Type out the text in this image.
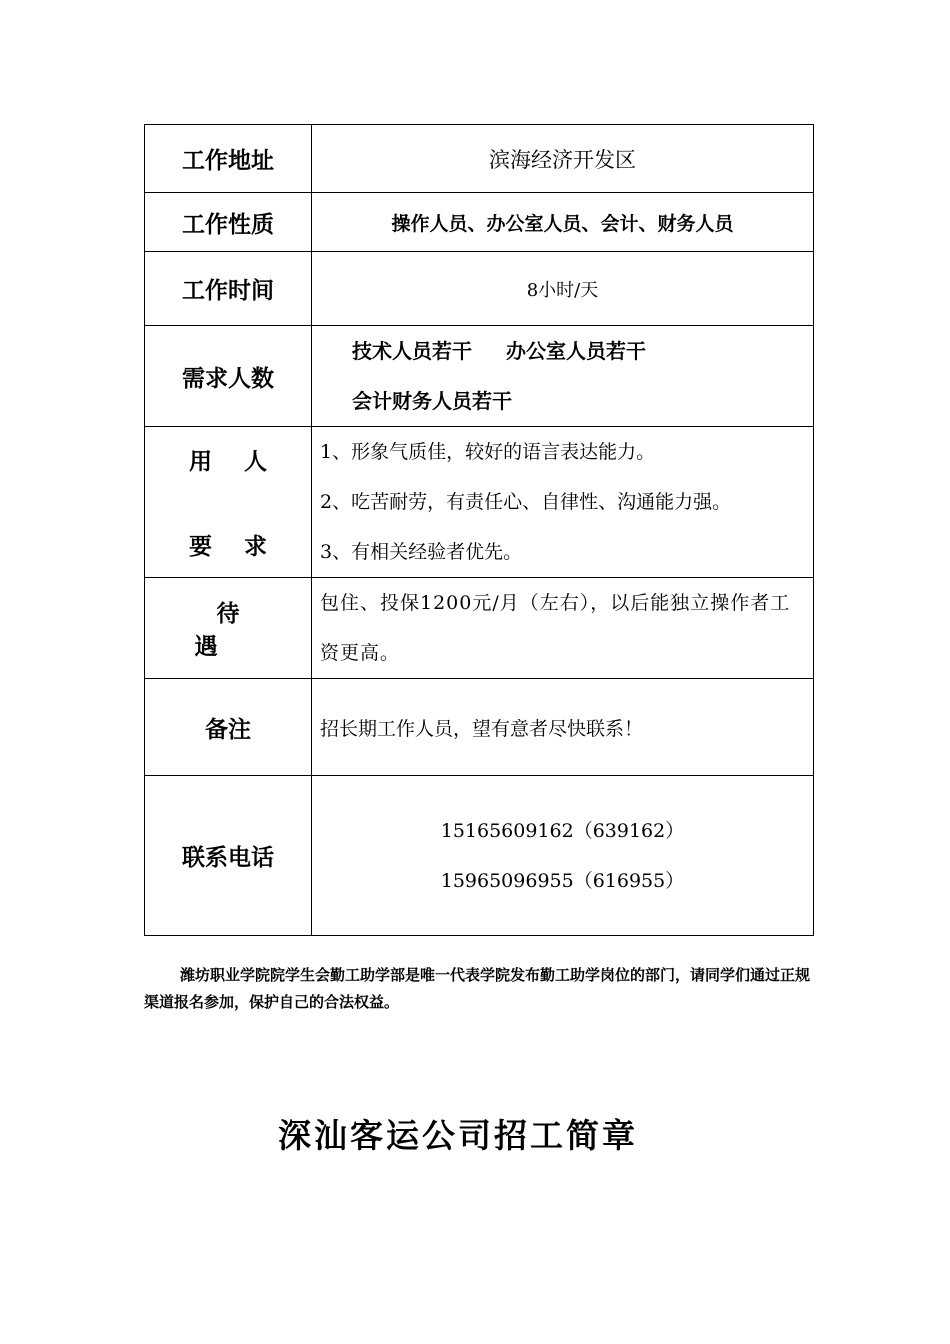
工作地址	滨海经济开发区
工作性质	操作人员、办公室人员、会计、财务人员
工作时间	8小时/天
需求人数	技术人员若干 办公室人员若干
会计财务人员若干

用 人
要 求	1、形象气质佳，较好的语言表达能力。
2、吃苦耐劳，有责任心、自律性、沟通能力强。
3、有相关经验者优先。

待 遇	包住、投保1200元/月（左右），以后能独立操作者工资更高。

备注	招长期工作人员，望有意者尽快联系！

联系电话	15165609162（639162）
15965096955（616955）
潍坊职业学院院学生会勤工助学部是唯一代表学院发布勤工助学岗位的部门，请同学们通过正规渠道报名参加，保护自己的合法权益。
深汕客运公司招工简章
